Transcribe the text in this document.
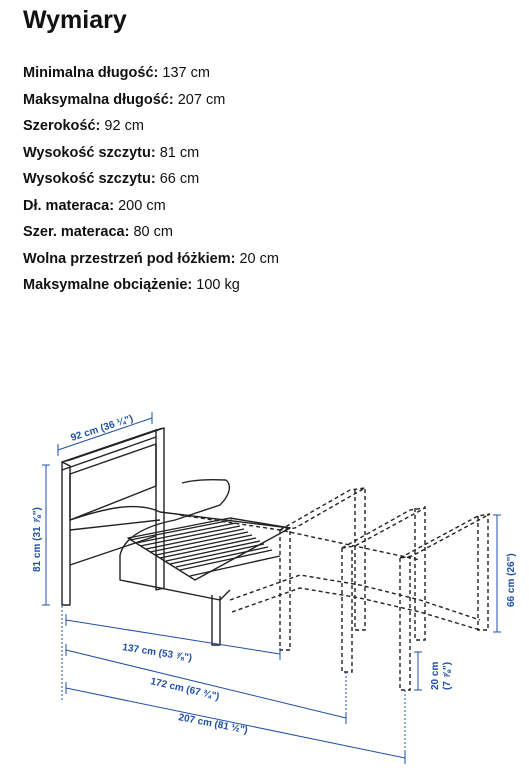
Wymiary
Minimalna długość: 137 cm
Maksymalna długość: 207 cm
Szerokość: 92 cm
Wysokość szczytu: 81 cm
Wysokość szczytu: 66 cm
Dł. materaca: 200 cm
Szer. materaca: 80 cm
Wolna przestrzeń pod łóżkiem: 20 cm
Maksymalne obciążenie: 100 kg
92 cm (36 ¼")
81 cm (31 ⅞")
66 cm (26")
137 cm (53 ⅞")
172 cm (67 ¾")
207 cm (81 ½")
20 cm (7 ⅞")
